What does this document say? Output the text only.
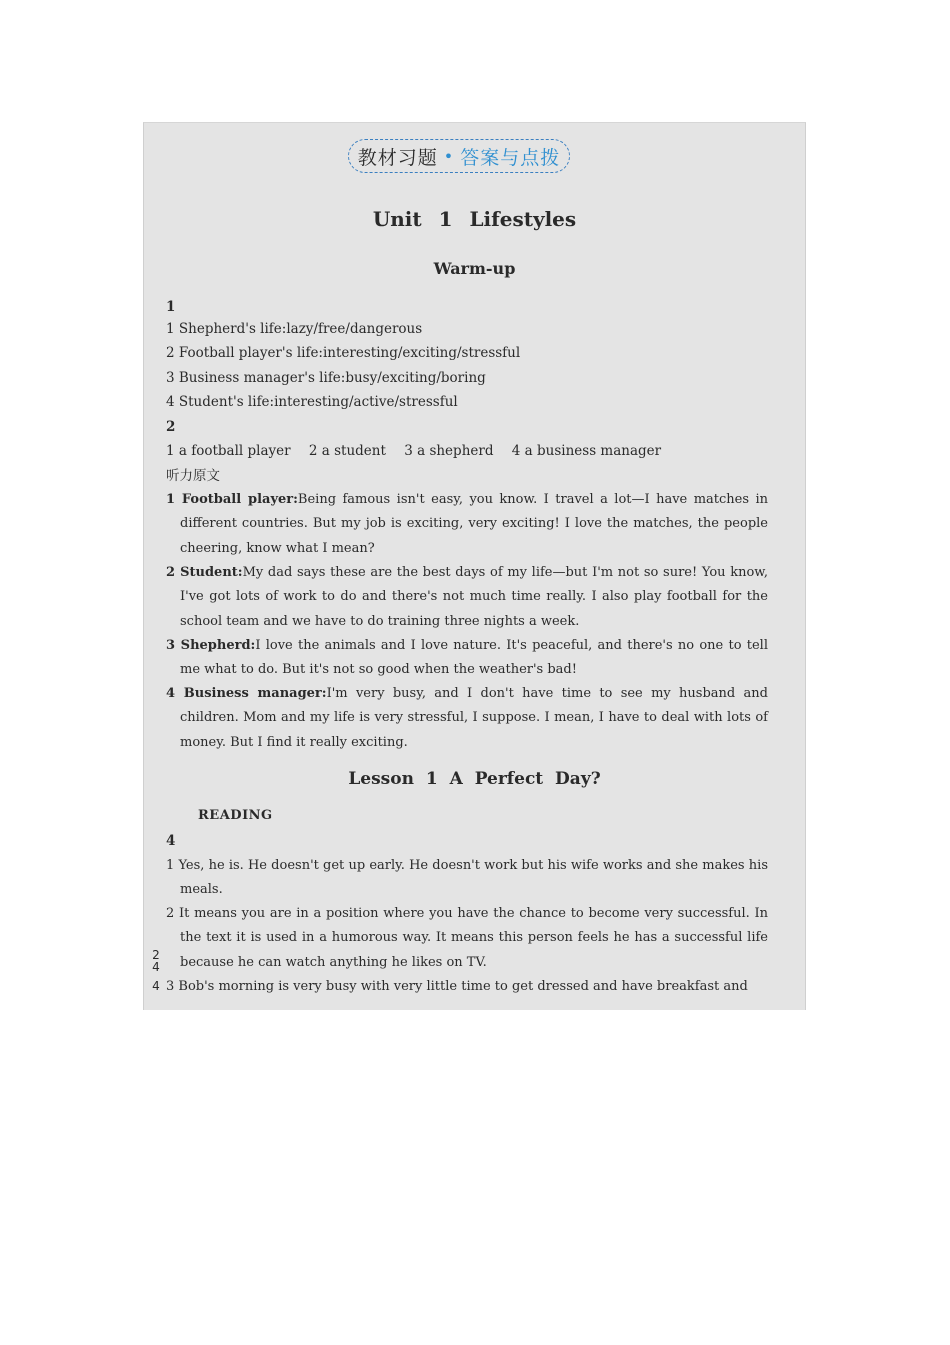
教材习题 • 答案与点拨
Unit 1 Lifestyles
Warm-up
1
1 Shepherd's life:lazy/free/dangerous
2 Football player's life:interesting/exciting/stressful
3 Business manager's life:busy/exciting/boring
4 Student's life:interesting/active/stressful
2
1 a football player 2 a student 3 a shepherd 4 a business manager
听力原文
1 Football player:Being famous isn't easy, you know. I travel a lot—I have matches in different countries. But my job is exciting, very exciting! I love the matches, the people cheering, know what I mean?
2 Student:My dad says these are the best days of my life—but I'm not so sure! You know, I've got lots of work to do and there's not much time really. I also play football for the school team and we have to do training three nights a week.
3 Shepherd:I love the animals and I love nature. It's peaceful, and there's no one to tell me what to do. But it's not so good when the weather's bad!
4 Business manager:I'm very busy, and I don't have time to see my husband and children. Mom and my life is very stressful, I suppose. I mean, I have to deal with lots of money. But I find it really exciting.
Lesson 1 A Perfect Day?
READING
4
1 Yes, he is. He doesn't get up early. He doesn't work but his wife works and she makes his meals.
2 It means you are in a position where you have the chance to become very successful. In the text it is used in a humorous way. It means this person feels he has a successful life because he can watch anything he likes on TV.
3 Bob's morning is very busy with very little time to get dressed and have breakfast and
2
4
4
